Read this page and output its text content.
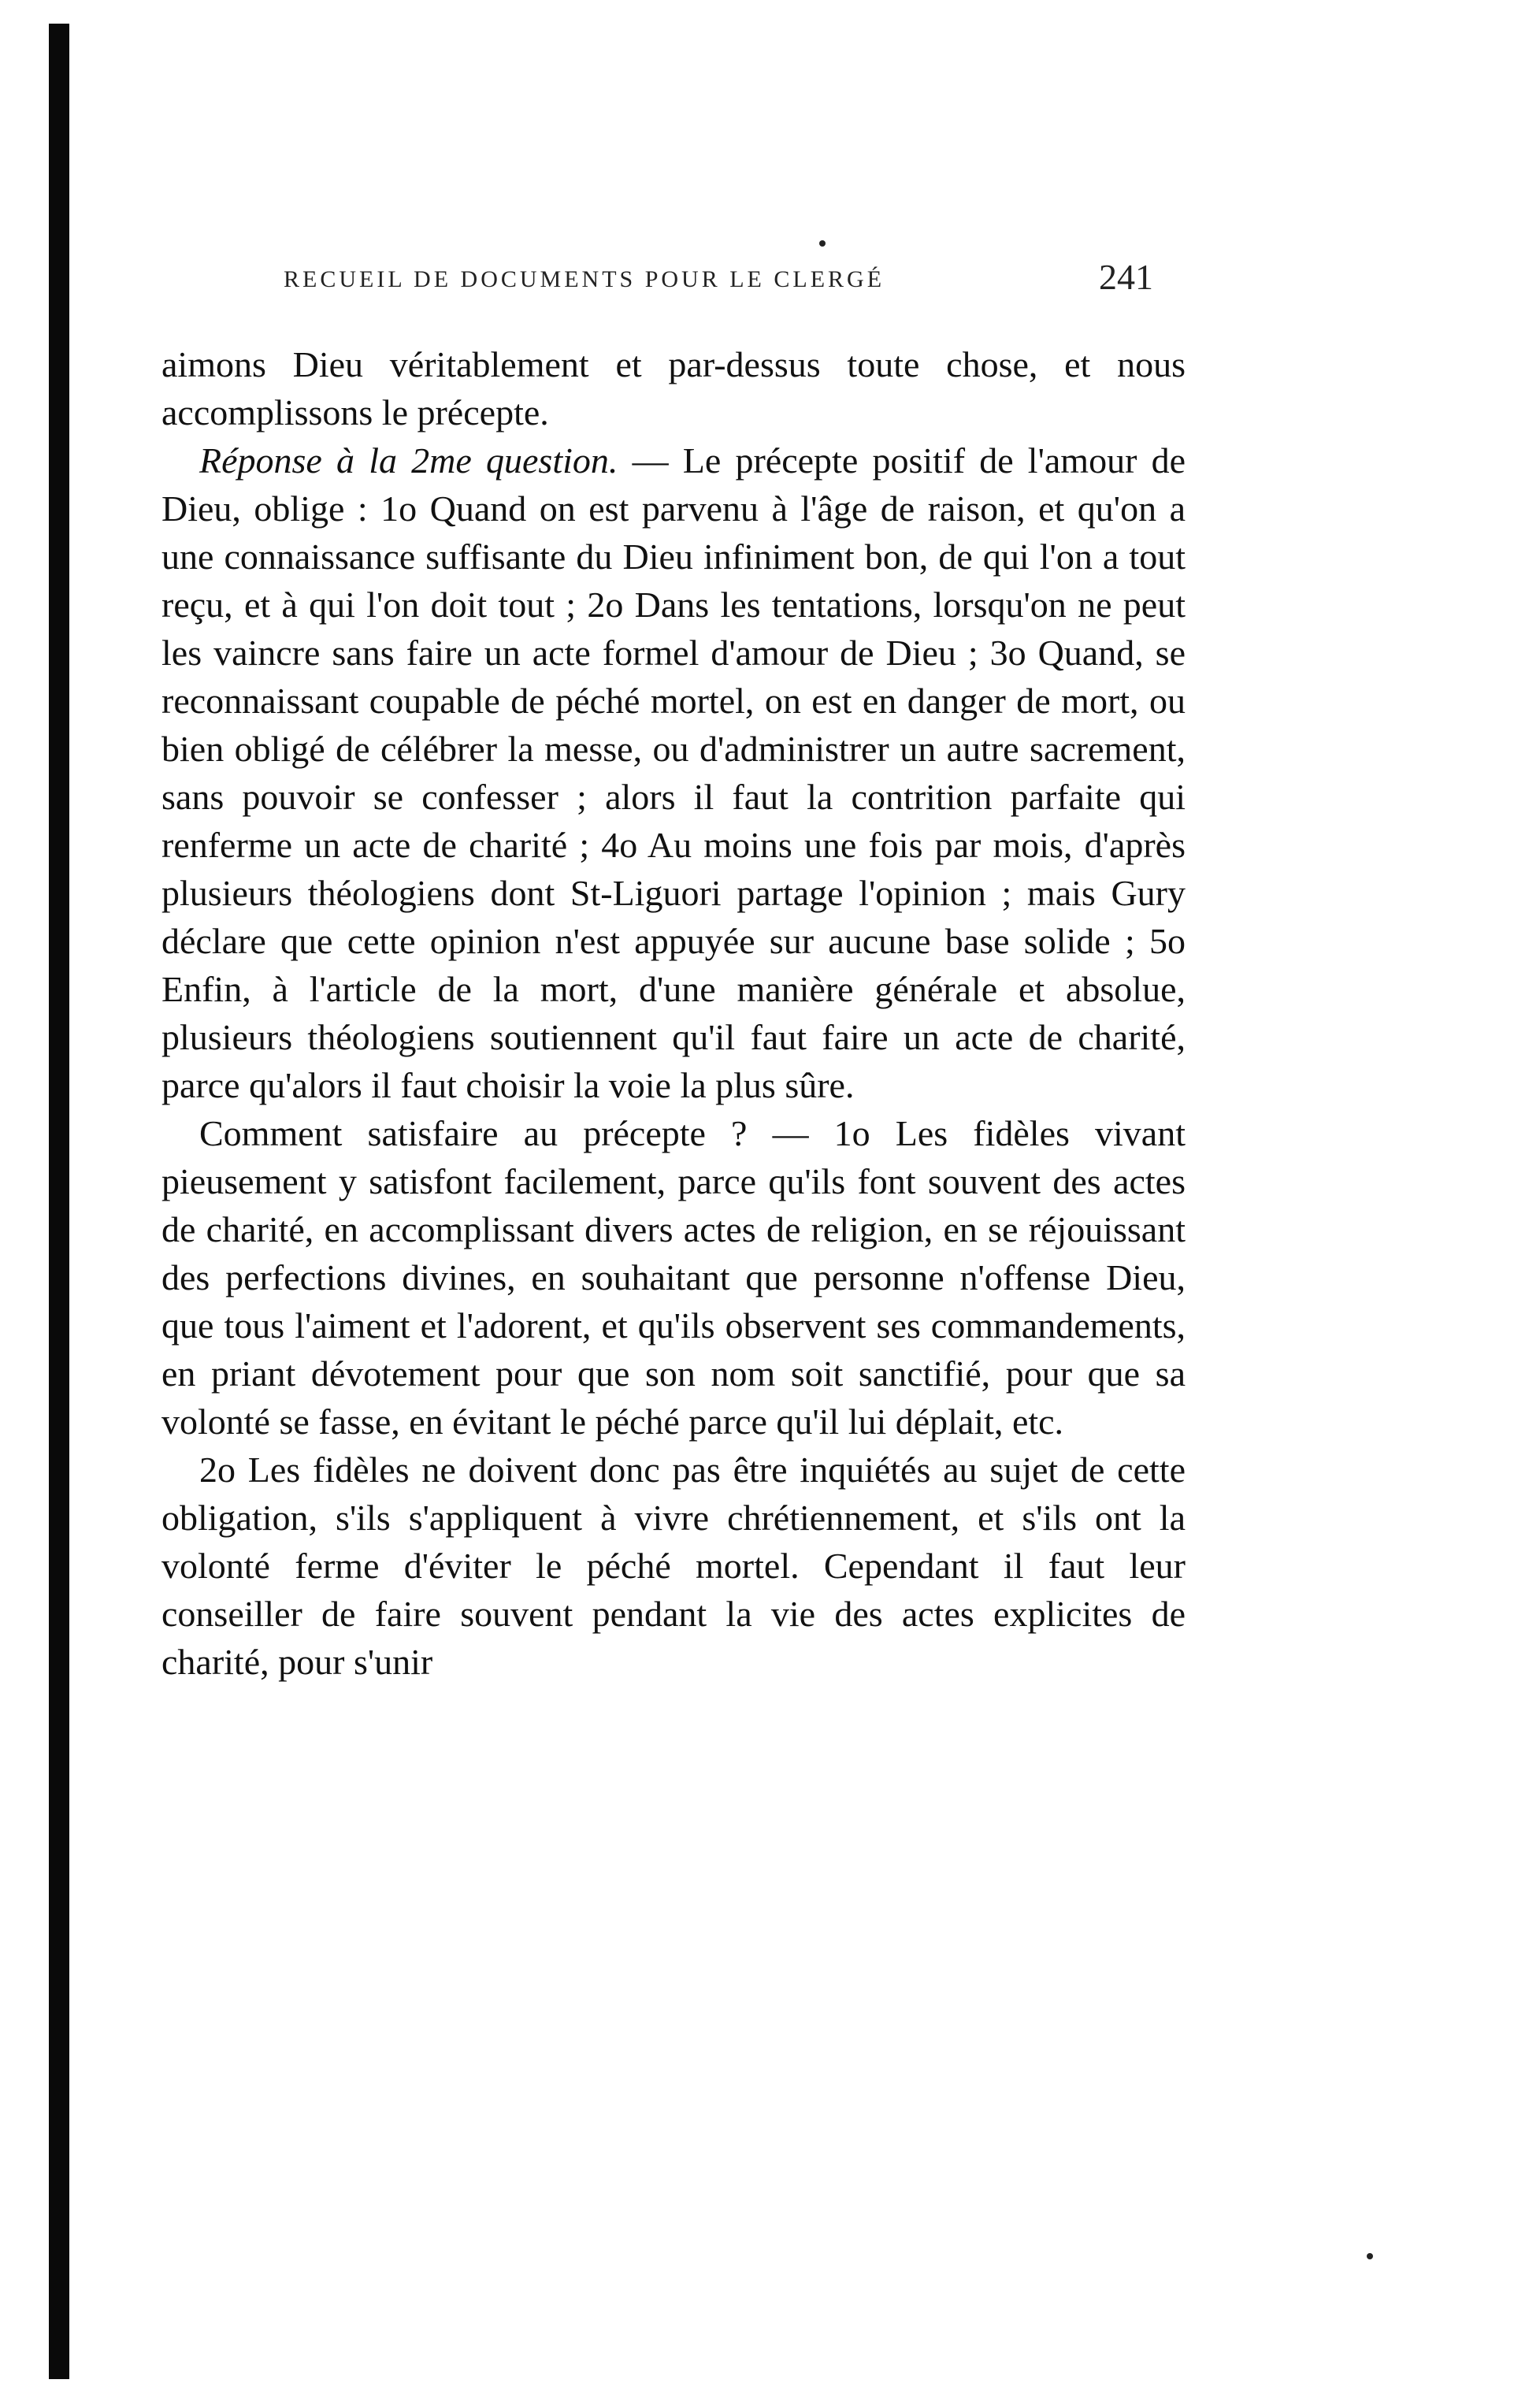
RECUEIL DE DOCUMENTS POUR LE CLERGÉ	241

aimons Dieu véritablement et par-dessus toute chose, et nous accomplissons le précepte.

Réponse à la 2me question. — Le précepte positif de l'amour de Dieu, oblige : 1o Quand on est parvenu à l'âge de raison, et qu'on a une connaissance suffisante du Dieu infiniment bon, de qui l'on a tout reçu, et à qui l'on doit tout ; 2o Dans les tentations, lorsqu'on ne peut les vaincre sans faire un acte formel d'amour de Dieu ; 3o Quand, se reconnaissant coupable de péché mortel, on est en danger de mort, ou bien obligé de célébrer la messe, ou d'administrer un autre sacrement, sans pouvoir se confesser ; alors il faut la contrition parfaite qui renferme un acte de charité ; 4o Au moins une fois par mois, d'après plusieurs théologiens dont St-Liguori partage l'opinion ; mais Gury déclare que cette opinion n'est appuyée sur aucune base solide ; 5o Enfin, à l'article de la mort, d'une manière générale et absolue, plusieurs théologiens soutiennent qu'il faut faire un acte de charité, parce qu'alors il faut choisir la voie la plus sûre.

Comment satisfaire au précepte ? — 1o Les fidèles vivant pieusement y satisfont facilement, parce qu'ils font souvent des actes de charité, en accomplissant divers actes de religion, en se réjouissant des perfections divines, en souhaitant que personne n'offense Dieu, que tous l'aiment et l'adorent, et qu'ils observent ses commandements, en priant dévotement pour que son nom soit sanctifié, pour que sa volonté se fasse, en évitant le péché parce qu'il lui déplait, etc.

2o Les fidèles ne doivent donc pas être inquiétés au sujet de cette obligation, s'ils s'appliquent à vivre chrétiennement, et s'ils ont la volonté ferme d'éviter le péché mortel. Cependant il faut leur conseiller de faire souvent pendant la vie des actes explicites de charité, pour s'unir
